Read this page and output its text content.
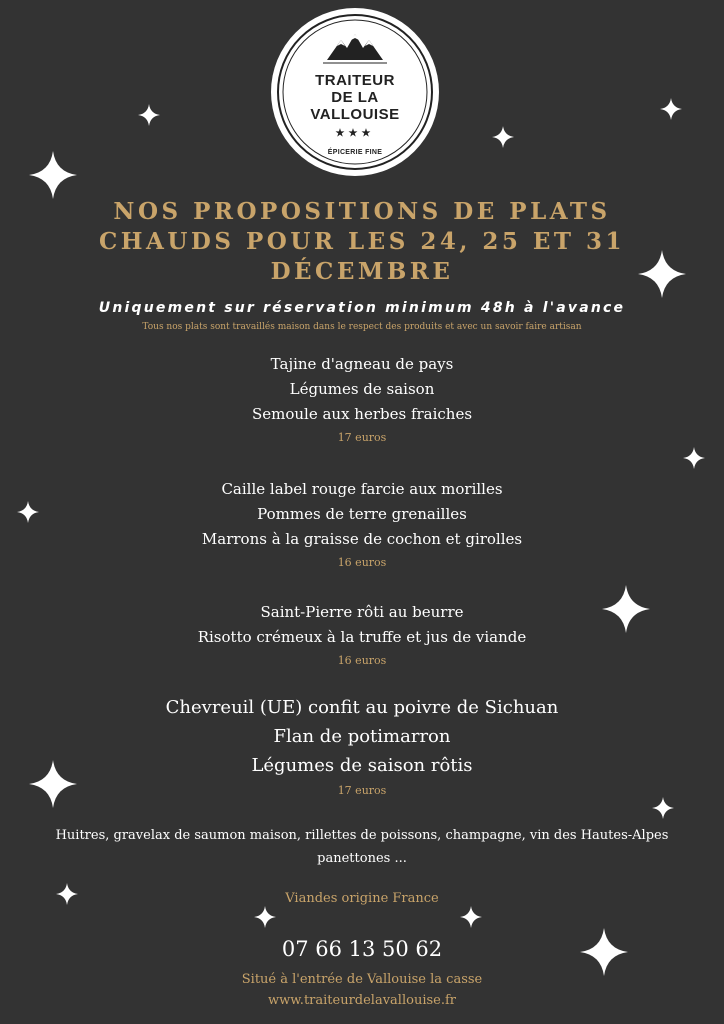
TRAITEUR
DE LA
VALLOUISE
★★★
ÉPICERIE FINE
NOS PROPOSITIONS DE PLATS
CHAUDS POUR LES 24, 25 ET 31
DÉCEMBRE
Uniquement sur réservation minimum 48h à l'avance
Tous nos plats sont travaillés maison dans le respect des produits et avec un savoir faire artisan
Tajine d'agneau de pays
Légumes de saison
Semoule aux herbes fraiches
17 euros
Caille label rouge farcie aux morilles
Pommes de terre grenailles
Marrons à la graisse de cochon et girolles
16 euros
Saint-Pierre rôti au beurre
Risotto crémeux à la truffe et jus de viande
16 euros
Chevreuil (UE) confit au poivre de Sichuan
Flan de potimarron
Légumes de saison rôtis
17 euros
Huitres, gravelax de saumon maison, rillettes de poissons, champagne, vin des Hautes-Alpes
panettones ...
Viandes origine France
07 66 13 50 62
Situé à l'entrée de Vallouise la casse
www.traiteurdelavallouise.fr
